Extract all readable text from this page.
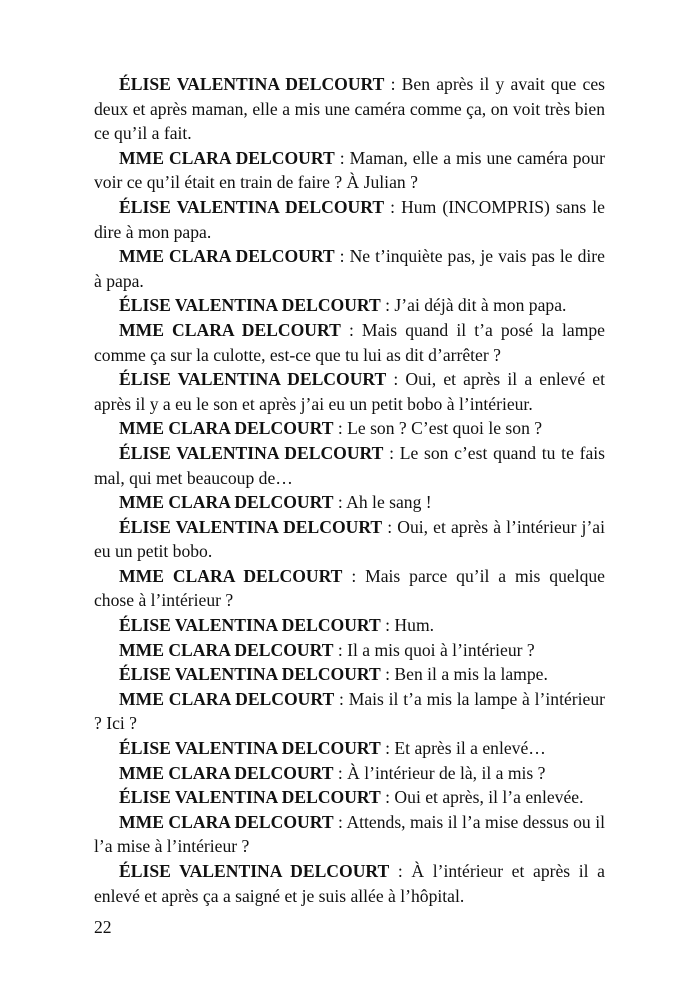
ÉLISE VALENTINA DELCOURT : Ben après il y avait que ces deux et après maman, elle a mis une caméra comme ça, on voit très bien ce qu’il a fait.

MME CLARA DELCOURT : Maman, elle a mis une caméra pour voir ce qu’il était en train de faire ? À Julian ?

ÉLISE VALENTINA DELCOURT : Hum (INCOMPRIS) sans le dire à mon papa.

MME CLARA DELCOURT : Ne t’inquiète pas, je vais pas le dire à papa.

ÉLISE VALENTINA DELCOURT : J’ai déjà dit à mon papa.

MME CLARA DELCOURT : Mais quand il t’a posé la lampe comme ça sur la culotte, est-ce que tu lui as dit d’arrêter ?

ÉLISE VALENTINA DELCOURT : Oui, et après il a enlevé et après il y a eu le son et après j’ai eu un petit bobo à l’intérieur.

MME CLARA DELCOURT : Le son ? C’est quoi le son ?

ÉLISE VALENTINA DELCOURT : Le son c’est quand tu te fais mal, qui met beaucoup de…

MME CLARA DELCOURT : Ah le sang !

ÉLISE VALENTINA DELCOURT : Oui, et après à l’intérieur j’ai eu un petit bobo.

MME CLARA DELCOURT : Mais parce qu’il a mis quelque chose à l’intérieur ?

ÉLISE VALENTINA DELCOURT : Hum.

MME CLARA DELCOURT : Il a mis quoi à l’intérieur ?

ÉLISE VALENTINA DELCOURT : Ben il a mis la lampe.

MME CLARA DELCOURT : Mais il t’a mis la lampe à l’intérieur ? Ici ?

ÉLISE VALENTINA DELCOURT : Et après il a enlevé…

MME CLARA DELCOURT : À l’intérieur de là, il a mis ?

ÉLISE VALENTINA DELCOURT : Oui et après, il l’a enlevée.

MME CLARA DELCOURT : Attends, mais il l’a mise dessus ou il l’a mise à l’intérieur ?

ÉLISE VALENTINA DELCOURT : À l’intérieur et après il a enlevé et après ça a saigné et je suis allée à l’hôpital.

22
